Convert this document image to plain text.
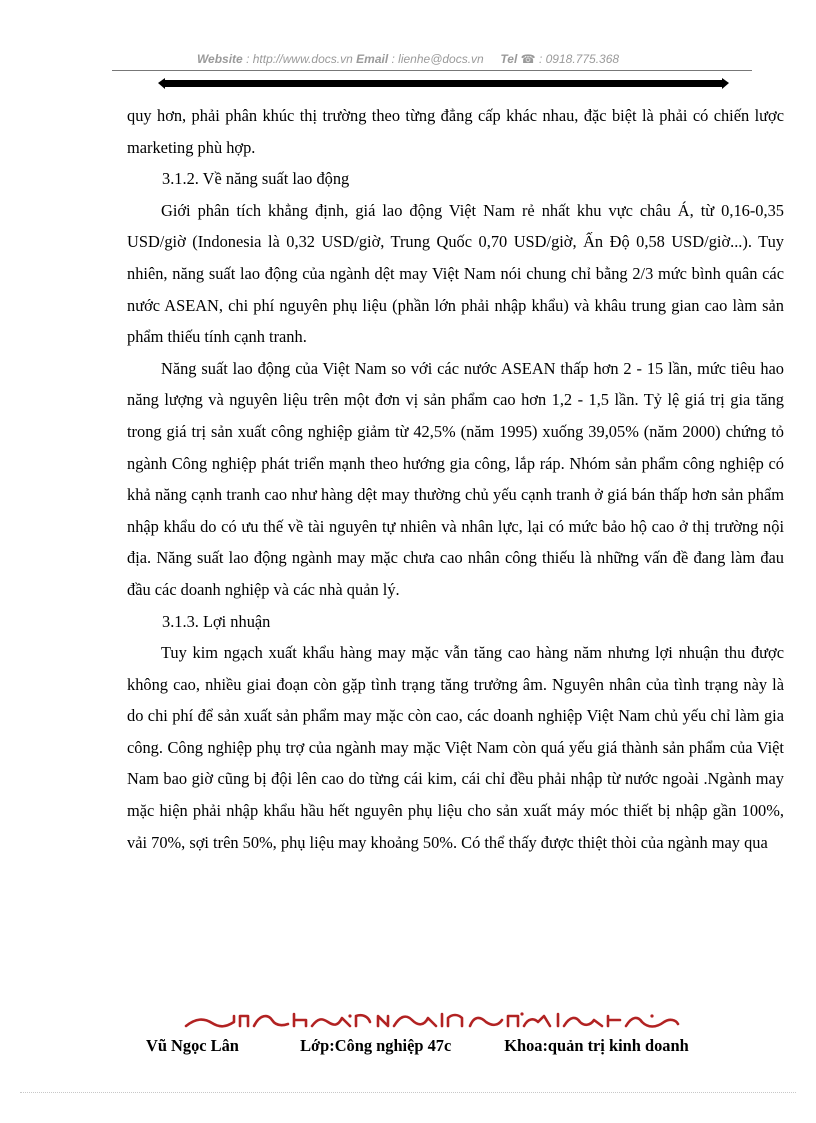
Website : http://www.docs.vn Email : lienhe@docs.vn Tel ☎ : 0918.775.368

quy hơn, phải phân khúc thị trường theo từng đẳng cấp khác nhau, đặc biệt là phải có chiến lược marketing phù hợp.

3.1.2. Về năng suất lao động

Giới phân tích khẳng định, giá lao động Việt Nam rẻ nhất khu vực châu Á, từ 0,16-0,35 USD/giờ (Indonesia là 0,32 USD/giờ, Trung Quốc 0,70 USD/giờ, Ấn Độ 0,58 USD/giờ...). Tuy nhiên, năng suất lao động của ngành dệt may Việt Nam nói chung chỉ bằng 2/3 mức bình quân các nước ASEAN, chi phí nguyên phụ liệu (phần lớn phải nhập khẩu) và khâu trung gian cao làm sản phẩm thiếu tính cạnh tranh.

Năng suất lao động của Việt Nam so với các nước ASEAN thấp hơn 2 - 15 lần, mức tiêu hao năng lượng và nguyên liệu trên một đơn vị sản phẩm cao hơn 1,2 - 1,5 lần. Tỷ lệ giá trị gia tăng trong giá trị sản xuất công nghiệp giảm từ 42,5% (năm 1995) xuống 39,05% (năm 2000) chứng tỏ ngành Công nghiệp phát triển mạnh theo hướng gia công, lắp ráp. Nhóm sản phẩm công nghiệp có khả năng cạnh tranh cao như hàng dệt may thường chủ yếu cạnh tranh ở giá bán thấp hơn sản phẩm nhập khẩu do có ưu thế về tài nguyên tự nhiên và nhân lực, lại có mức bảo hộ cao ở thị trường nội địa. Năng suất lao động ngành may mặc chưa cao nhân công thiếu là những vấn đề đang làm đau đầu các doanh nghiệp và các nhà quản lý.

3.1.3. Lợi nhuận

Tuy kim ngạch xuất khẩu hàng may mặc vẫn tăng cao hàng năm nhưng lợi nhuận thu được không cao, nhiều giai đoạn còn gặp tình trạng tăng trưởng âm. Nguyên nhân của tình trạng này là do chi phí để sản xuất sản phẩm may mặc còn cao, các doanh nghiệp Việt Nam chủ yếu chỉ làm gia công. Công nghiệp phụ trợ của ngành may mặc Việt Nam còn quá yếu giá thành sản phẩm của Việt Nam bao giờ cũng bị đội lên cao do từng cái kim, cái chỉ đều phải nhập từ nước ngoài .Ngành may mặc hiện phải nhập khẩu hầu hết nguyên phụ liệu cho sản xuất máy móc thiết bị nhập gần 100%, vải 70%, sợi trên 50%, phụ liệu may khoảng 50%. Có thể thấy được thiệt thòi của ngành may qua

Vũ Ngọc Lân	Lớp:Công nghiệp 47c	Khoa:quản trị kinh doanh
